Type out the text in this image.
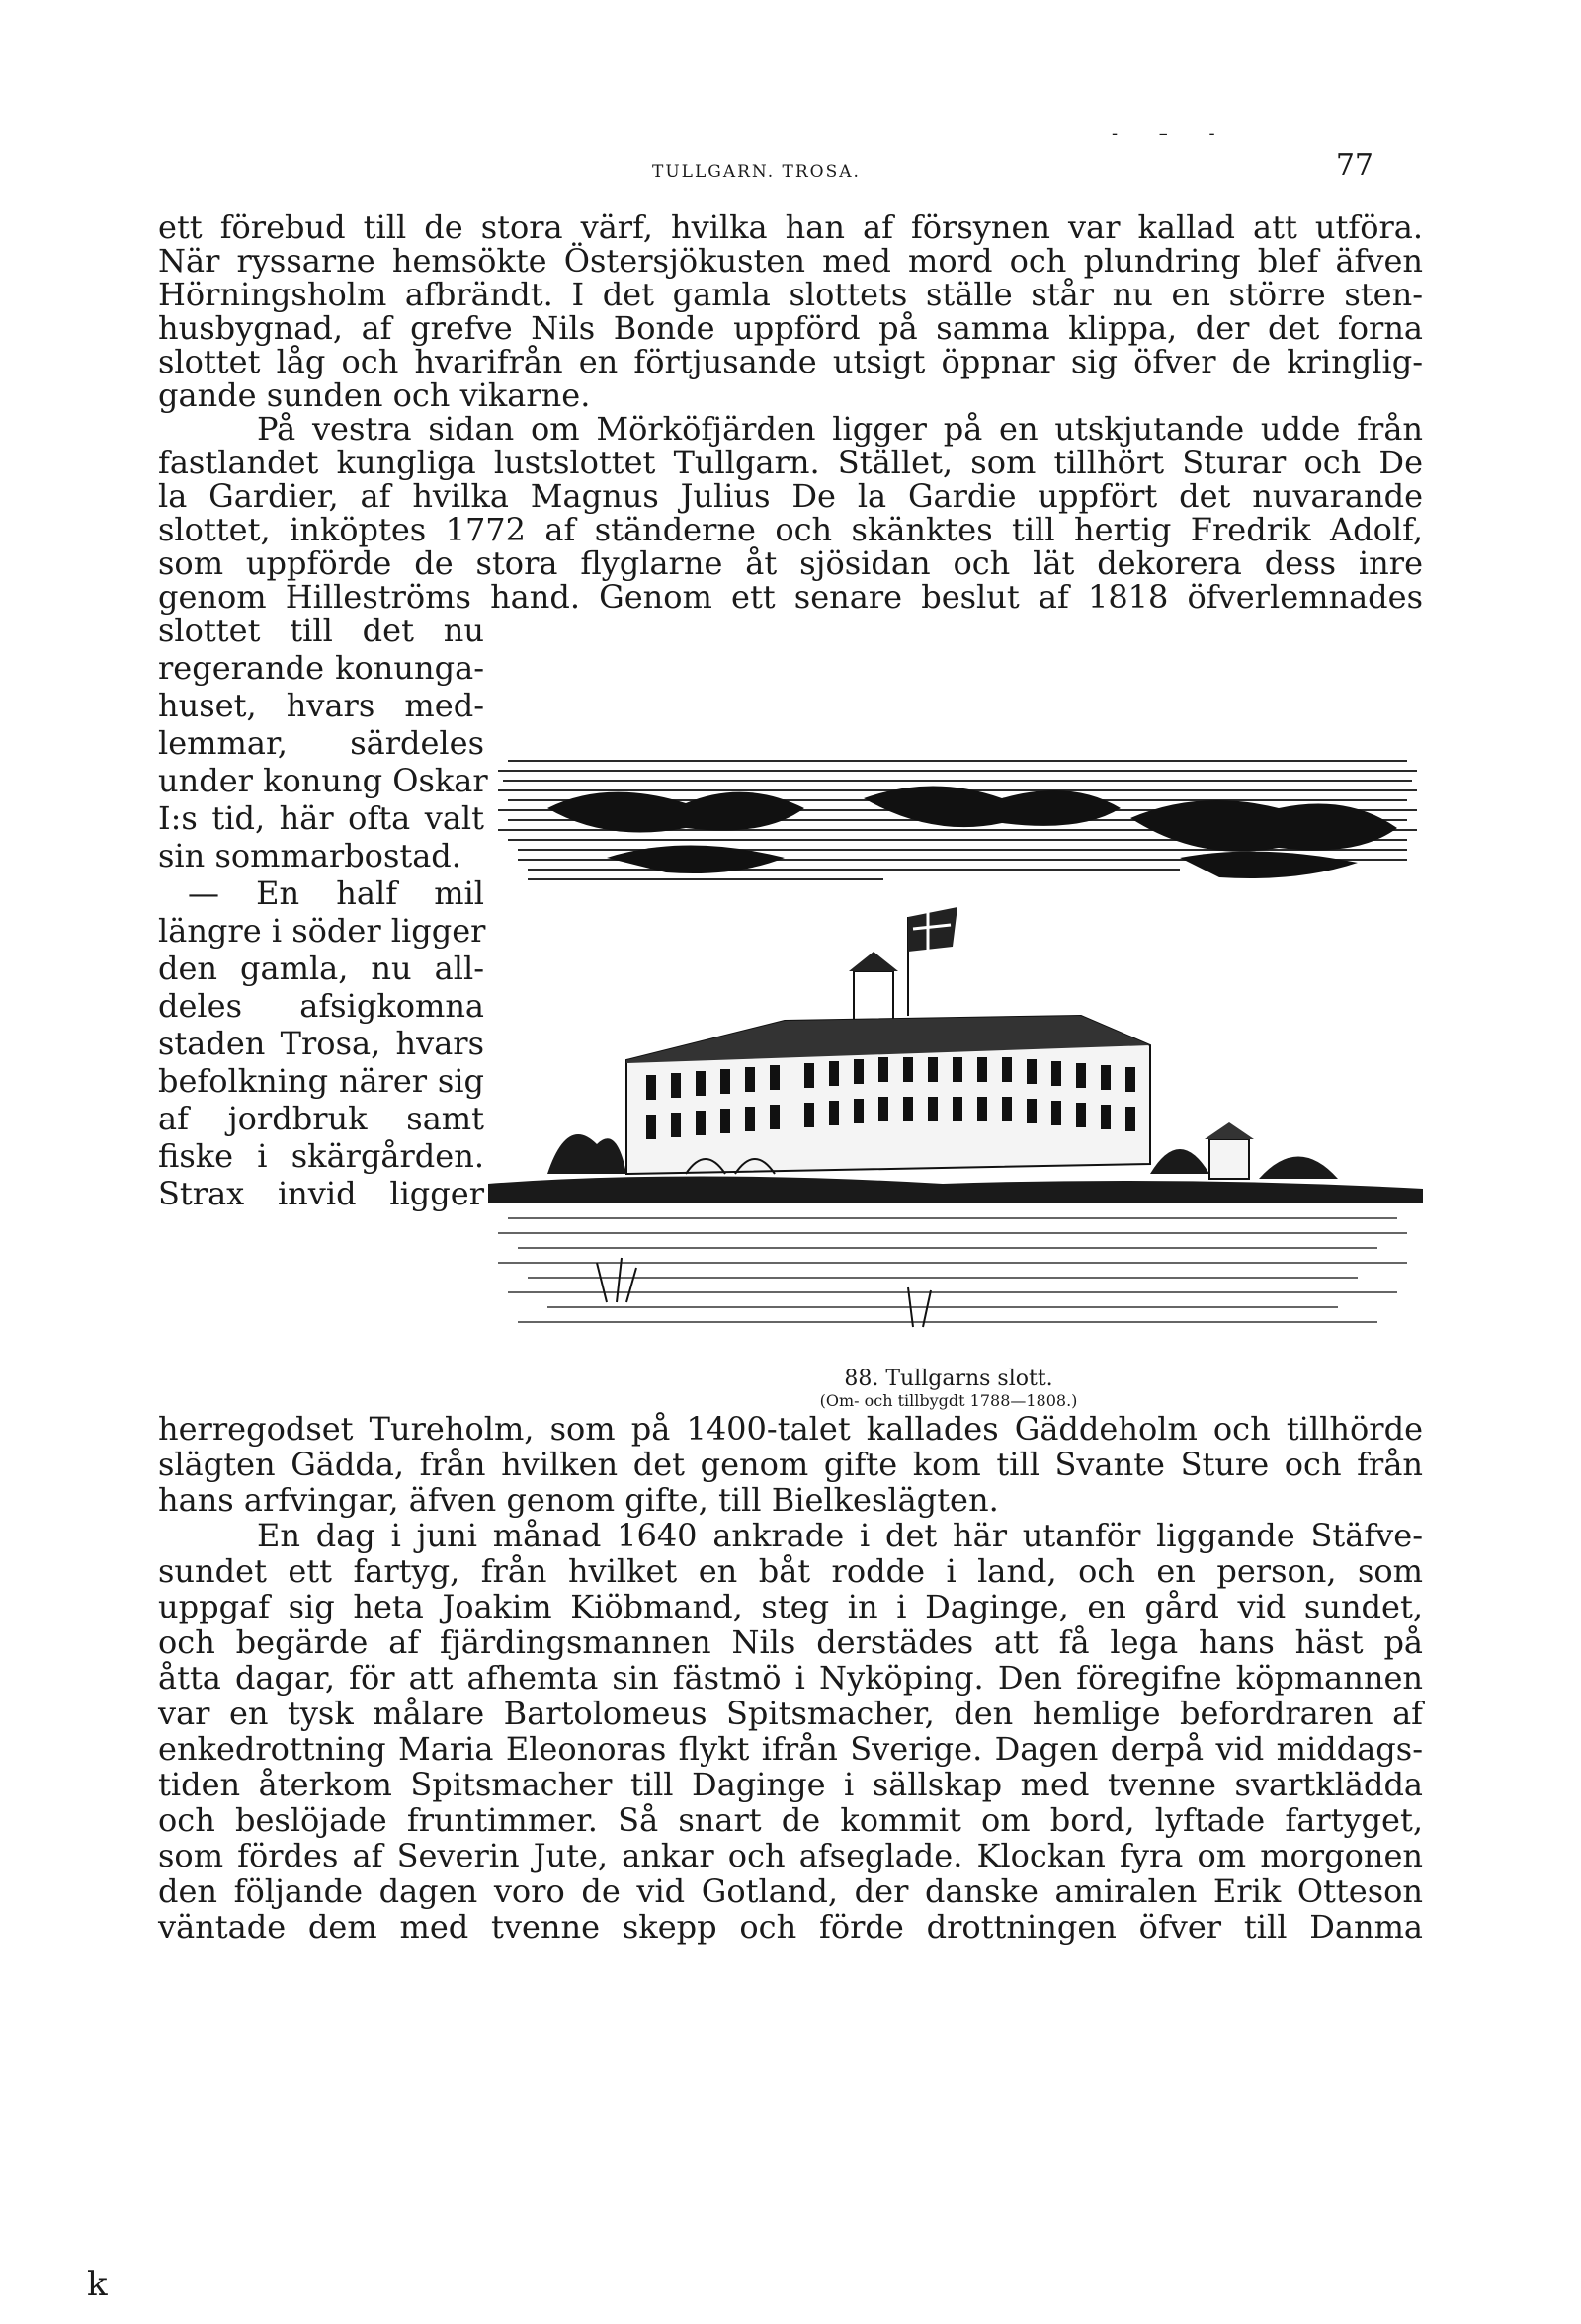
- – -
TULLGARN. TROSA.	77
ett förebud till de stora värf, hvilka han af försynen var kallad att utföra.
När ryssarne hemsökte Östersjökusten med mord och plundring blef äfven
Hörningsholm afbrändt. I det gamla slottets ställe står nu en större sten-
husbygnad, af grefve Nils Bonde uppförd på samma klippa, der det forna
slottet låg och hvarifrån en förtjusande utsigt öppnar sig öfver de kringlig-
gande sunden och vikarne.
På vestra sidan om Mörköfjärden ligger på en utskjutande udde från
fastlandet kungliga lustslottet Tullgarn. Stället, som tillhört Sturar och De
la Gardier, af hvilka Magnus Julius De la Gardie uppfört det nuvarande
slottet, inköptes 1772 af ständerne och skänktes till hertig Fredrik Adolf,
som uppförde de stora flyglarne åt sjösidan och lät dekorera dess inre
genom Hilleströms hand. Genom ett senare beslut af 1818 öfverlemnades
slottet till det nu
regerande konunga-
huset, hvars med-
lemmar, särdeles
under konung Oskar
I:s tid, här ofta valt
sin sommarbostad.
— En half mil
längre i söder ligger
den gamla, nu all-
deles afsigkomna
staden Trosa, hvars
befolkning närer sig
af jordbruk samt
fiske i skärgården.
Strax invid ligger
88. Tullgarns slott.
(Om- och tillbygdt 1788—1808.)
herregodset Tureholm, som på 1400-talet kallades Gäddeholm och tillhörde
slägten Gädda, från hvilken det genom gifte kom till Svante Sture och från
hans arfvingar, äfven genom gifte, till Bielkeslägten.
En dag i juni månad 1640 ankrade i det här utanför liggande Stäfve-
sundet ett fartyg, från hvilket en båt rodde i land, och en person, som
uppgaf sig heta Joakim Kiöbmand, steg in i Daginge, en gård vid sundet,
och begärde af fjärdingsmannen Nils derstädes att få lega hans häst på
åtta dagar, för att afhemta sin fästmö i Nyköping. Den föregifne köpmannen
var en tysk målare Bartolomeus Spitsmacher, den hemlige befordraren af
enkedrottning Maria Eleonoras flykt ifrån Sverige. Dagen derpå vid middags-
tiden återkom Spitsmacher till Daginge i sällskap med tvenne svartklädda
och beslöjade fruntimmer. Så snart de kommit om bord, lyftade fartyget,
som fördes af Severin Jute, ankar och afseglade. Klockan fyra om morgonen
den följande dagen voro de vid Gotland, der danske amiralen Erik Otteson
väntade dem med tvenne skepp och förde drottningen öfver till Danma
k
